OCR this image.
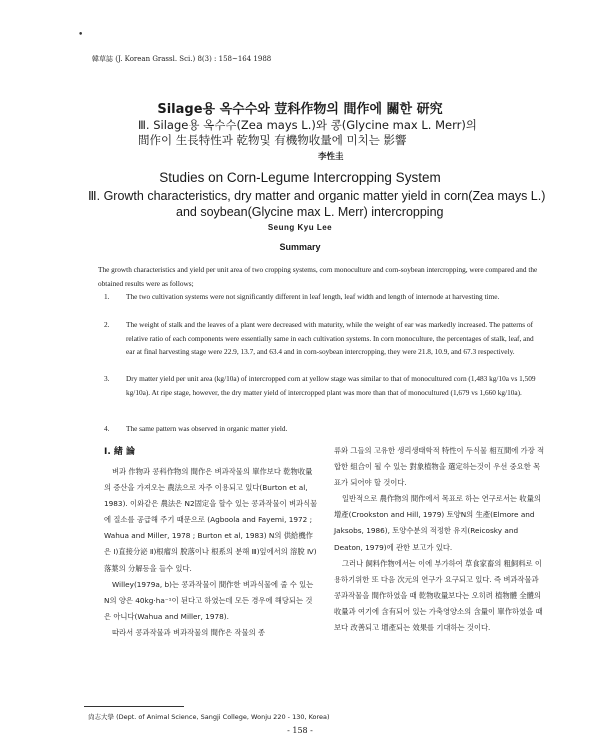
•
韓草誌 (J. Korean Grassl. Sci.) 8(3) : 158~164 1988
Silage용 옥수수와 荳科作物의 間作에 關한 研究
Ⅲ. Silage용 옥수수(Zea mays L.)와 콩(Glycine max L. Merr)의
間作이 生長特性과 乾物및 有機物收量에 미치는 影響
李性圭
Studies on Corn-Legume Intercropping System
Ⅲ. Growth characteristics, dry matter and organic matter yield in corn(Zea mays L.)
and soybean(Glycine max L. Merr) intercropping
Seung Kyu Lee
Summary
The growth characteristics and yield per unit area of two cropping systems, corn monoculture and corn-soybean intercropping, were compared and the obtained results were as follows;
1. The two cultivation systems were not significantly different in leaf length, leaf width and length of internode at harvesting time.
2. The weight of stalk and the leaves of a plant were decreased with maturity, while the weight of ear was markedly increased. The patterns of relative ratio of each components were essentially same in each cultivation systems. In corn monoculture, the percentages of stalk, leaf, and ear at final harvesting stage were 22.9, 13.7, and 63.4 and in corn-soybean intercropping, they were 21.8, 10.9, and 67.3 respectively.
3. Dry matter yield per unit area (kg/10a) of intercropped corn at yellow stage was similar to that of monocultured corn (1,483 kg/10a vs 1,509 kg/10a). At ripe stage, however, the dry matter yield of intercropped plant was more than that of monocultured (1,679 vs 1,660 kg/10a).
4. The same pattern was observed in organic matter yield.
Ⅰ. 緖 論

벼과 作物과 콩科作物의 間作은 벼과작물의 單作보다 乾物收量의 증산을 가져오는 農法으로 자주 이용되고 있다(Burton et al, 1983). 이와같은 農法은 N2固定을 할수 있는 콩과작물이 벼과식물에 질소를 공급해 주기 때문으로 (Agboola and Fayemi, 1972 ; Wahua and Miller, 1978 ; Burton et al, 1983) N의 供給機作은 Ⅰ)直接分泌 Ⅱ)根瘤의 脫落이나 根系의 분해 Ⅲ)잎에서의 溶脫 Ⅳ)落葉의 分解등을 들수 있다.

Willey(1979a, b)는 콩과작물이 間作한 벼과식물에 줄 수 있는 N의 양은 40kg·ha⁻¹이 된다고 하였는데 모든 경우에 해당되는 것은 아니다(Wahua and Miller, 1978).

따라서 콩과작물과 벼과작물의 間作은 작물의 종

류와 그들의 고유한 생리생태학적 特性이 두식물 相互間에 가장 적합한 組合이 될 수 있는 對象植物을 選定하는것이 우선 중요한 목표가 되어야 할 것이다.

일반적으로 農作物의 間作에서 목표로 하는 연구로서는 收量의 增產(Crookston and Hill, 1979) 토양N의 生產(Elmore and Jaksobs, 1986), 토양수분의 적정한 유지(Reicosky and Deaton, 1979)에 관한 보고가 있다.

그러나 飼料作物에서는 이에 부가하여 草食家畜의 粗飼料로 이용하기위한 또 다음 次元의 연구가 요구되고 있다. 즉 벼과작물과 콩과작물을 間作하였을 때 乾物收量보다는 오히려 植物體 全體의 收量과 여기에 含有되어 있는 가축영양소의 含量이 單作하였을 때 보다 改善되고 增產되는 效果를 기대하는 것이다.

尙志大學 (Dept. of Animal Science, Sangji College, Wonju 220 - 130, Korea)
- 158 -
